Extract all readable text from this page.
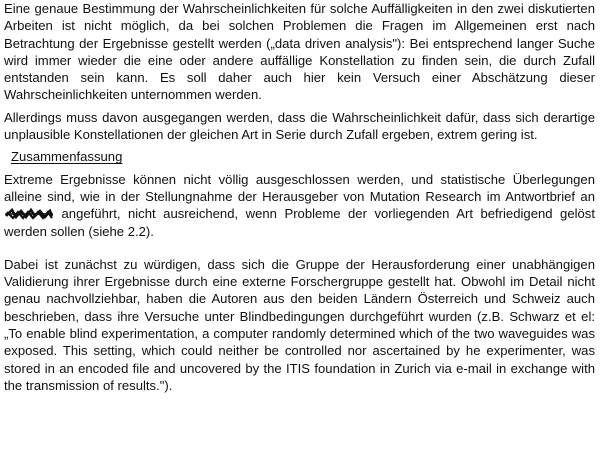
Eine genaue Bestimmung der Wahrscheinlichkeiten für solche Auffälligkeiten in den zwei diskutierten Arbeiten ist nicht möglich, da bei solchen Problemen die Fragen im Allgemeinen erst nach Betrachtung der Ergebnisse gestellt werden („data driven analysis"): Bei entsprechend langer Suche wird immer wieder die eine oder andere auffällige Konstellation zu finden sein, die durch Zufall entstanden sein kann. Es soll daher auch hier kein Versuch einer Abschätzung dieser Wahrscheinlichkeiten unternommen werden.

Allerdings muss davon ausgegangen werden, dass die Wahrscheinlichkeit dafür, dass sich derartige unplausible Konstellationen der gleichen Art in Serie durch Zufall ergeben, extrem gering ist.

Zusammenfassung

Extreme Ergebnisse können nicht völlig ausgeschlossen werden, und statistische Überlegungen alleine sind, wie in der Stellungnahme der Herausgeber von Mutation Research im Antwortbrief an
angeführt, nicht ausreichend, wenn Probleme der vorliegenden Art befriedigend gelöst werden sollen (siehe 2.2).

Dabei ist zunächst zu würdigen, dass sich die Gruppe der Herausforderung einer unabhängigen Validierung ihrer Ergebnisse durch eine externe Forschergruppe gestellt hat. Obwohl im Detail nicht genau nachvollziehbar, haben die Autoren aus den beiden Ländern Österreich und Schweiz auch beschrieben, dass ihre Versuche unter Blindbedingungen durchgeführt wurden (z.B. Schwarz et el: „To enable blind experimentation, a computer randomly determined which of the two waveguides was exposed. This setting, which could neither be controlled nor ascertained by he experimenter, was stored in an encoded file and uncovered by the ITIS foundation in Zurich via e-mail in exchange with the transmission of results.").
